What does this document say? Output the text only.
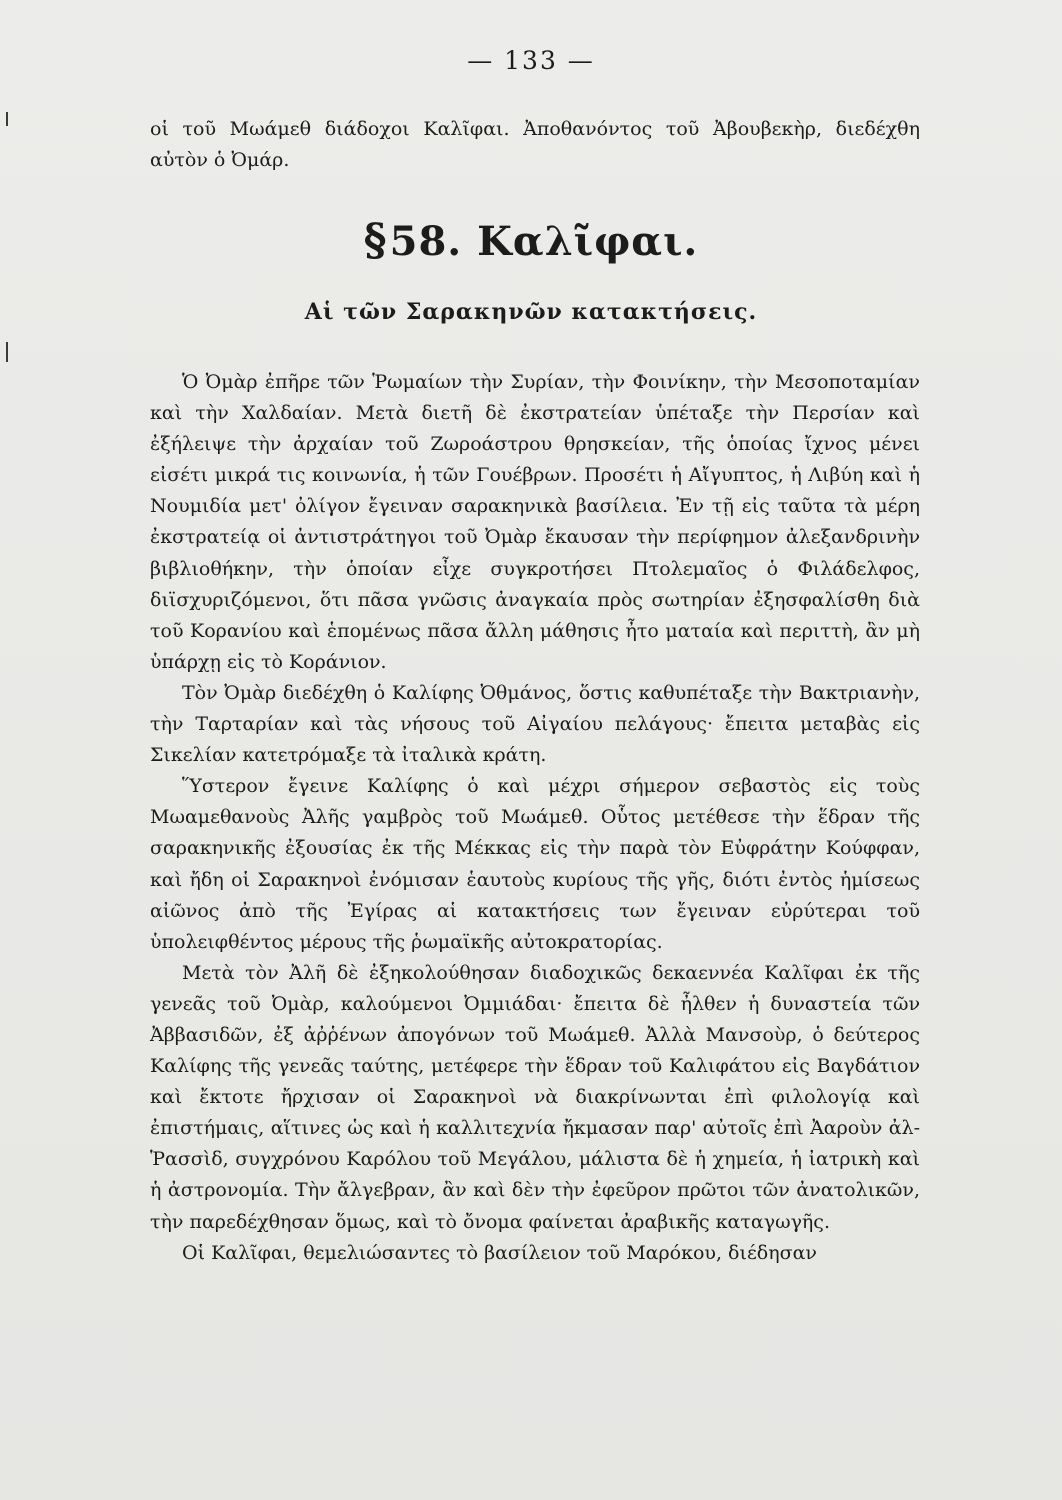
— 133 —

οἱ τοῦ Μωάμεθ διάδοχοι Καλῖφαι. Ἀποθανόντος τοῦ Ἀβουβεκὴρ, διεδέχθη αὐτὸν ὁ Ὀμάρ.

§58. Καλῖφαι.
Αἱ τῶν Σαρακηνῶν κατακτήσεις.

Ὁ Ὀμὰρ ἐπῆρε τῶν Ῥωμαίων τὴν Συρίαν, τὴν Φοινίκην, τὴν Μεσοποταμίαν καὶ τὴν Χαλδαίαν. Μετὰ διετῆ δὲ ἐκστρατείαν ὑπέταξε τὴν Περσίαν καὶ ἐξήλειψε τὴν ἀρχαίαν τοῦ Ζωροάστρου θρησκείαν, τῆς ὁποίας ἴχνος μένει εἰσέτι μικρά τις κοινωνία, ἡ τῶν Γουέβρων. Προσέτι ἡ Αἴγυπτος, ἡ Λιβύη καὶ ἡ Νουμιδία μετ' ὀλίγον ἔγειναν σαρακηνικὰ βασίλεια. Ἐν τῇ εἰς ταῦτα τὰ μέρη ἐκστρατείᾳ οἱ ἀντιστράτηγοι τοῦ Ὀμὰρ ἔκαυσαν τὴν περίφημον ἀλεξανδρινὴν βιβλιοθήκην, τὴν ὁποίαν εἶχε συγκροτήσει Πτολεμαῖος ὁ Φιλάδελφος, διϊσχυριζόμενοι, ὅτι πᾶσα γνῶσις ἀναγκαία πρὸς σωτηρίαν ἐξησφαλίσθη διὰ τοῦ Κορανίου καὶ ἑπομένως πᾶσα ἄλλη μάθησις ἦτο ματαία καὶ περιττὴ, ἂν μὴ ὑπάρχῃ εἰς τὸ Κοράνιον.

Τὸν Ὀμὰρ διεδέχθη ὁ Καλίφης Ὀθμάνος, ὅστις καθυπέταξε τὴν Βακτριανὴν, τὴν Ταρταρίαν καὶ τὰς νήσους τοῦ Αἰγαίου πελάγους· ἔπειτα μεταβὰς εἰς Σικελίαν κατετρόμαξε τὰ ἰταλικὰ κράτη.

Ὕστερον ἔγεινε Καλίφης ὁ καὶ μέχρι σήμερον σεβαστὸς εἰς τοὺς Μωαμεθανοὺς Ἀλῆς γαμβρὸς τοῦ Μωάμεθ. Οὗτος μετέθεσε τὴν ἕδραν τῆς σαρακηνικῆς ἐξουσίας ἐκ τῆς Μέκκας εἰς τὴν παρὰ τὸν Εὐφράτην Κούφφαν, καὶ ἤδη οἱ Σαρακηνοὶ ἐνόμισαν ἑαυτοὺς κυρίους τῆς γῆς, διότι ἐντὸς ἡμίσεως αἰῶνος ἀπὸ τῆς Ἐγίρας αἱ κατακτήσεις των ἔγειναν εὐρύτεραι τοῦ ὑπολειφθέντος μέρους τῆς ῥωμαϊκῆς αὐτοκρατορίας.

Μετὰ τὸν Ἀλῆ δὲ ἐξηκολούθησαν διαδοχικῶς δεκαεννέα Καλῖφαι ἐκ τῆς γενεᾶς τοῦ Ὀμὰρ, καλούμενοι Ὀμμιάδαι· ἔπειτα δὲ ἦλθεν ἡ δυναστεία τῶν Ἀββασιδῶν, ἐξ ἀῤῥένων ἀπογόνων τοῦ Μωάμεθ. Ἀλλὰ Μανσοὺρ, ὁ δεύτερος Καλίφης τῆς γενεᾶς ταύτης, μετέφερε τὴν ἕδραν τοῦ Καλιφάτου εἰς Βαγδάτιον καὶ ἔκτοτε ἤρχισαν οἱ Σαρακηνοὶ νὰ διακρίνωνται ἐπὶ φιλολογίᾳ καὶ ἐπιστήμαις, αἵτινες ὡς καὶ ἡ καλλιτεχνία ἤκμασαν παρ' αὐτοῖς ἐπὶ Ἀαροὺν ἀλ-Ῥασσὶδ, συγχρόνου Καρόλου τοῦ Μεγάλου, μάλιστα δὲ ἡ χημεία, ἡ ἰατρικὴ καὶ ἡ ἀστρονομία. Τὴν ἄλγεβραν, ἂν καὶ δὲν τὴν ἐφεῦρον πρῶτοι τῶν ἀνατολικῶν, τὴν παρεδέχθησαν ὅμως, καὶ τὸ ὄνομα φαίνεται ἀραβικῆς καταγωγῆς.

Οἱ Καλῖφαι, θεμελιώσαντες τὸ βασίλειον τοῦ Μαρόκου, διέδησαν
